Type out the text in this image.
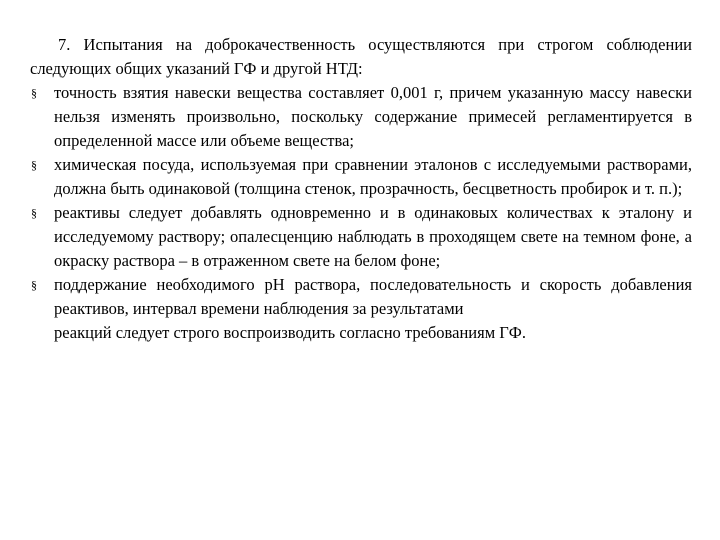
7. Испытания на доброкачественность осуществляются при строгом соблюдении следующих общих указаний ГФ и другой НТД:

§ точность взятия навески вещества составляет 0,001 г, причем указанную массу навески нельзя изменять произвольно, поскольку содержание примесей регламентируется в определенной массе или объеме вещества;
§ химическая посуда, используемая при сравнении эталонов с исследуемыми растворами, должна быть одинаковой (толщина стенок, прозрачность, бесцветность пробирок и т. п.);
§ реактивы следует добавлять одновременно и в одинаковых количествах к эталону и исследуемому раствору; опалесценцию наблюдать в проходящем свете на темном фоне, а окраску раствора – в отраженном свете на белом фоне;
§ поддержание необходимого pH раствора, последовательность и скорость добавления реактивов, интервал времени наблюдения за результатами

реакций следует строго воспроизводить согласно требованиям ГФ.
